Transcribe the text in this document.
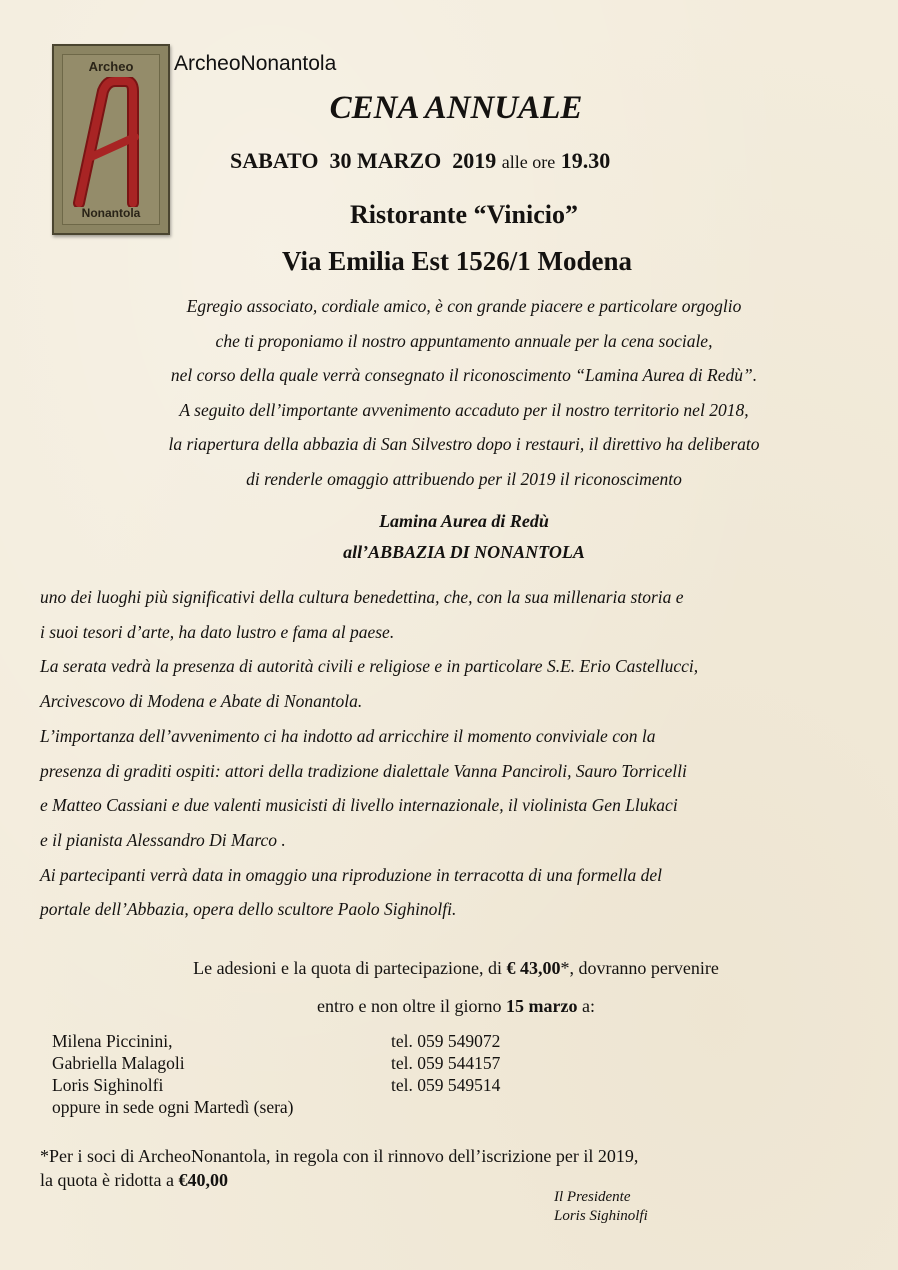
Archeo
Nonantola
ArcheoNonantola
CENA ANNUALE
SABATO 30 MARZO 2019 alle ore 19.30
Ristorante “Vinicio”
Via Emilia Est 1526/1 Modena
Egregio associato, cordiale amico, è con grande piacere e particolare orgoglio
che ti proponiamo il nostro appuntamento annuale per la cena sociale,
nel corso della quale verrà consegnato il riconoscimento “Lamina Aurea di Redù”.
A seguito dell’importante avvenimento accaduto per il nostro territorio nel 2018,
la riapertura della abbazia di San Silvestro dopo i restauri, il direttivo ha deliberato
di renderle omaggio attribuendo per il 2019 il riconoscimento
Lamina Aurea di Redù
all’ABBAZIA DI NONANTOLA
uno dei luoghi più significativi della cultura benedettina, che, con la sua millenaria storia e
i suoi tesori d’arte, ha dato lustro e fama al paese.
La serata vedrà la presenza di autorità civili e religiose e in particolare S.E. Erio Castellucci,
Arcivescovo di Modena e Abate di Nonantola.
L’importanza dell’avvenimento ci ha indotto ad arricchire il momento conviviale con la
presenza di graditi ospiti: attori della tradizione dialettale Vanna Panciroli, Sauro Torricelli
e Matteo Cassiani e due valenti musicisti di livello internazionale, il violinista Gen Llukaci
e il pianista Alessandro Di Marco .
Ai partecipanti verrà data in omaggio una riproduzione in terracotta di una formella del
portale dell’Abbazia, opera dello scultore Paolo Sighinolfi.
Le adesioni e la quota di partecipazione, di € 43,00*, dovranno pervenire
entro e non oltre il giorno 15 marzo a:
Milena Piccinini,	tel. 059 549072
Gabriella Malagoli	tel. 059 544157
Loris Sighinolfi	tel. 059 549514
oppure in sede ogni Martedì (sera)
*Per i soci di ArcheoNonantola, in regola con il rinnovo dell’iscrizione per il 2019,
la quota è ridotta a €40,00
Il Presidente
Loris Sighinolfi
